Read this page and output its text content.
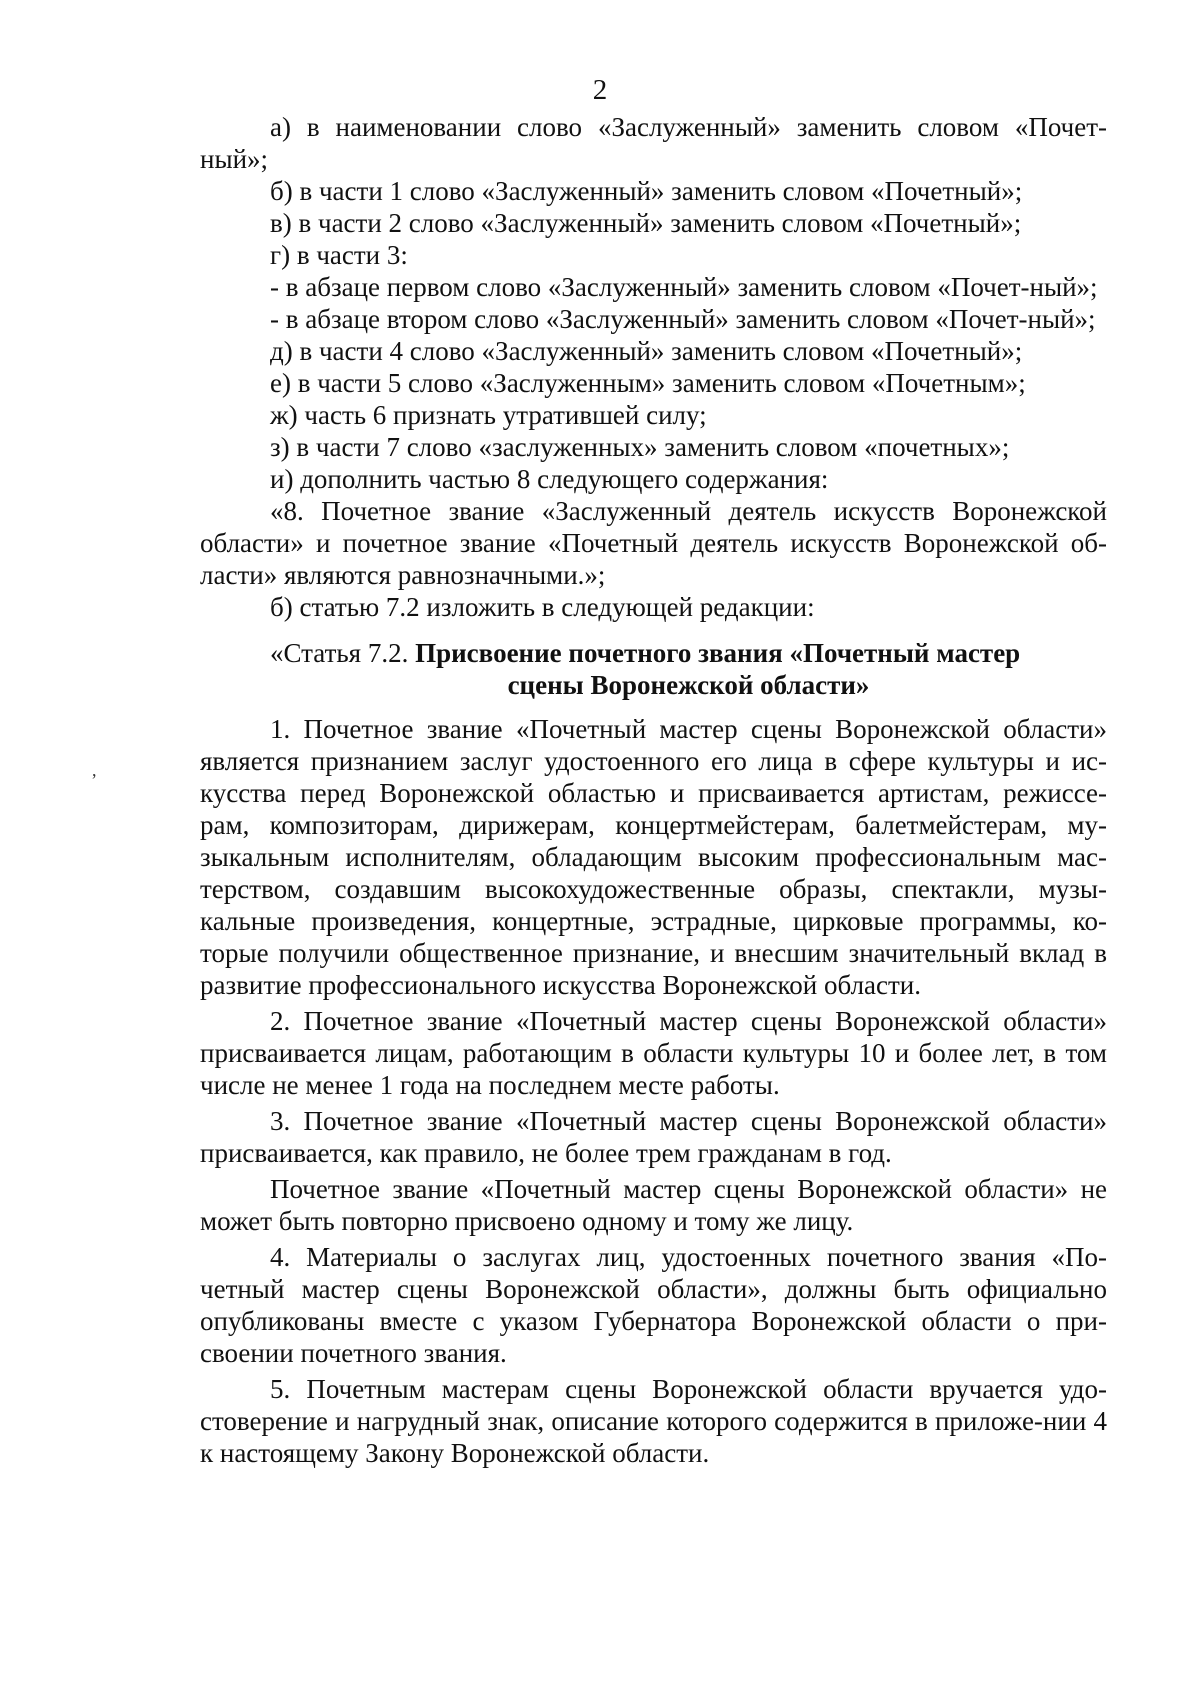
2
,

а) в наименовании слово «Заслуженный» заменить словом «Почет-ный»;

б) в части 1 слово «Заслуженный» заменить словом «Почетный»;

в) в части 2 слово «Заслуженный» заменить словом «Почетный»;

г) в части 3:

- в абзаце первом слово «Заслуженный» заменить словом «Почет-ный»;

- в абзаце втором слово «Заслуженный» заменить словом «Почет-ный»;

д) в части 4 слово «Заслуженный» заменить словом «Почетный»;

е) в части 5 слово «Заслуженным» заменить словом «Почетным»;

ж) часть 6 признать утратившей силу;

з) в части 7 слово «заслуженных» заменить словом «почетных»;

и) дополнить частью 8 следующего содержания:

«8. Почетное звание «Заслуженный деятель искусств Воронежской области» и почетное звание «Почетный деятель искусств Воронежской об-ласти» являются равнозначными.»;

б) статью 7.2 изложить в следующей редакции:

«Статья 7.2. Присвоение почетного звания «Почетный мастер
сцены Воронежской области»

1. Почетное звание «Почетный мастер сцены Воронежской области» является признанием заслуг удостоенного его лица в сфере культуры и ис-кусства перед Воронежской областью и присваивается артистам, режиссе-рам, композиторам, дирижерам, концертмейстерам, балетмейстерам, му-зыкальным исполнителям, обладающим высоким профессиональным мас-терством, создавшим высокохудожественные образы, спектакли, музы-кальные произведения, концертные, эстрадные, цирковые программы, ко-торые получили общественное признание, и внесшим значительный вклад в развитие профессионального искусства Воронежской области.

2. Почетное звание «Почетный мастер сцены Воронежской области» присваивается лицам, работающим в области культуры 10 и более лет, в том числе не менее 1 года на последнем месте работы.

3. Почетное звание «Почетный мастер сцены Воронежской области» присваивается, как правило, не более трем гражданам в год.

Почетное звание «Почетный мастер сцены Воронежской области» не может быть повторно присвоено одному и тому же лицу.

4. Материалы о заслугах лиц, удостоенных почетного звания «По-четный мастер сцены Воронежской области», должны быть официально опубликованы вместе с указом Губернатора Воронежской области о при-своении почетного звания.

5. Почетным мастерам сцены Воронежской области вручается удо-стоверение и нагрудный знак, описание которого содержится в приложе-нии 4 к настоящему Закону Воронежской области.
